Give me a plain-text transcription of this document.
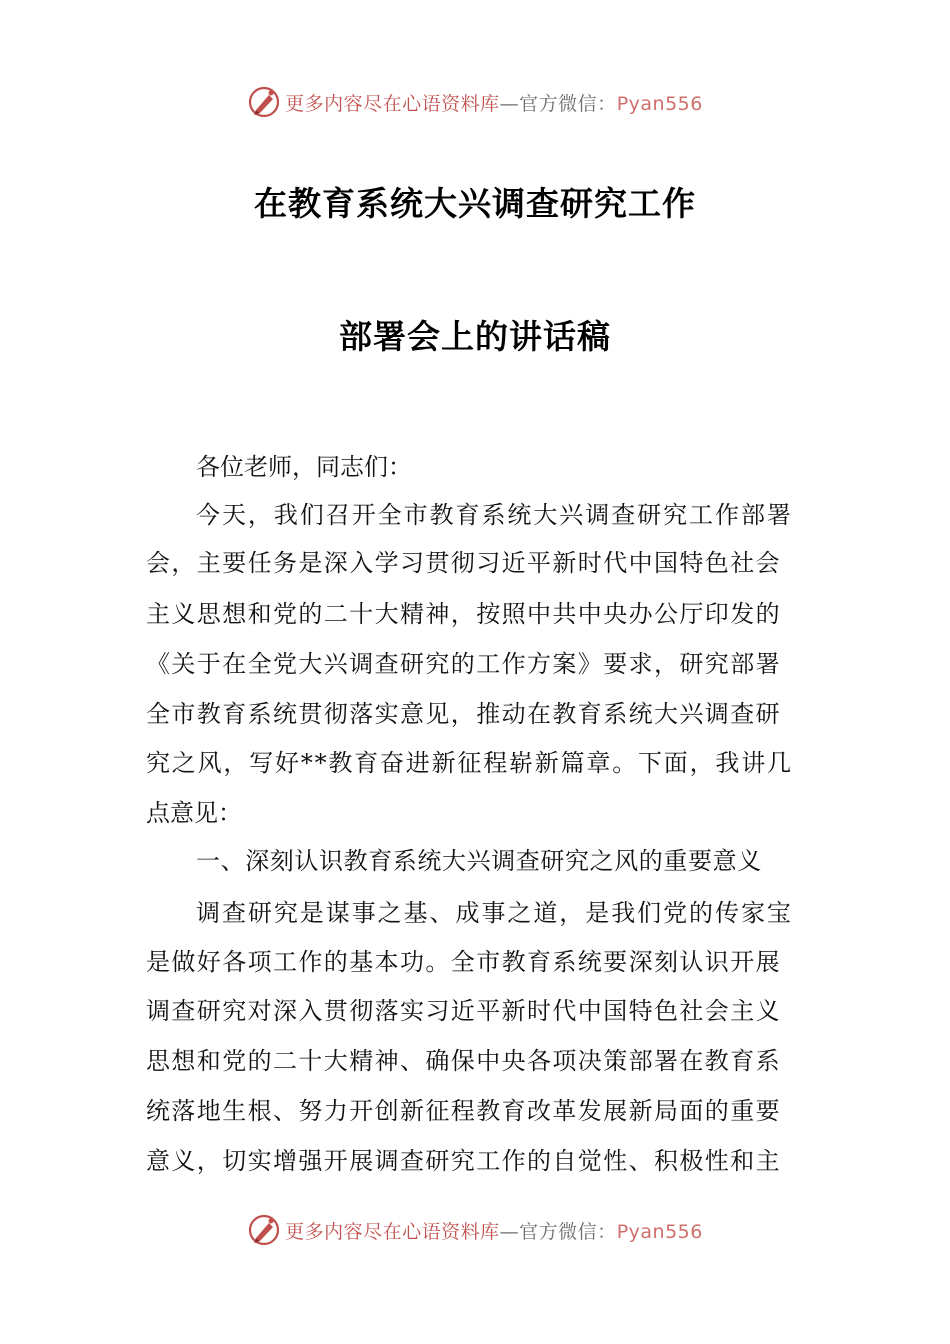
更多内容尽在心语资料库—官方微信：Pyan556
在教育系统大兴调查研究工作
部署会上的讲话稿
各位老师，同志们：
今天，我们召开全市教育系统大兴调查研究工作部署
会，主要任务是深入学习贯彻习近平新时代中国特色社会
主义思想和党的二十大精神，按照中共中央办公厅印发的
《关于在全党大兴调查研究的工作方案》要求，研究部署
全市教育系统贯彻落实意见，推动在教育系统大兴调查研
究之风，写好**教育奋进新征程崭新篇章。下面，我讲几
点意见：
一、深刻认识教育系统大兴调查研究之风的重要意义
调查研究是谋事之基、成事之道，是我们党的传家宝
是做好各项工作的基本功。全市教育系统要深刻认识开展
调查研究对深入贯彻落实习近平新时代中国特色社会主义
思想和党的二十大精神、确保中央各项决策部署在教育系
统落地生根、努力开创新征程教育改革发展新局面的重要
意义，切实增强开展调查研究工作的自觉性、积极性和主
更多内容尽在心语资料库—官方微信：Pyan556
